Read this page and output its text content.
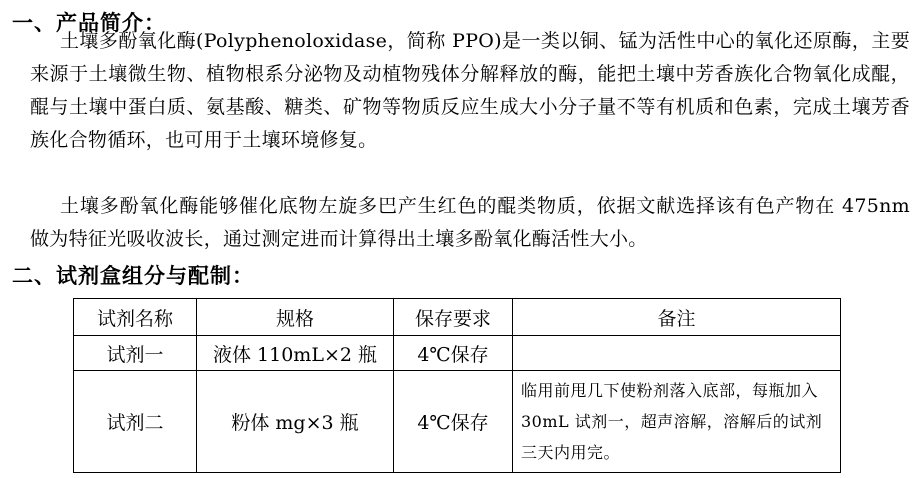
一、产品简介：

土壤多酚氧化酶(Polyphenoloxidase，简称 PPO)是一类以铜、锰为活性中心的氧化还原酶，主要来源于土壤微生物、植物根系分泌物及动植物残体分解释放的酶，能把土壤中芳香族化合物氧化成醌，醌与土壤中蛋白质、氨基酸、糖类、矿物等物质反应生成大小分子量不等有机质和色素，完成土壤芳香族化合物循环，也可用于土壤环境修复。

土壤多酚氧化酶能够催化底物左旋多巴产生红色的醌类物质，依据文献选择该有色产物在 475nm 做为特征光吸收波长，通过测定进而计算得出土壤多酚氧化酶活性大小。

二、试剂盒组分与配制：
试剂名称	规格	保存要求	备注
试剂一	液体 110mL×2 瓶	4℃保存	
试剂二	粉体 mg×3 瓶	4℃保存	临用前甩几下使粉剂落入底部，每瓶加入 30mL 试剂一，超声溶解，溶解后的试剂三天内用完。
